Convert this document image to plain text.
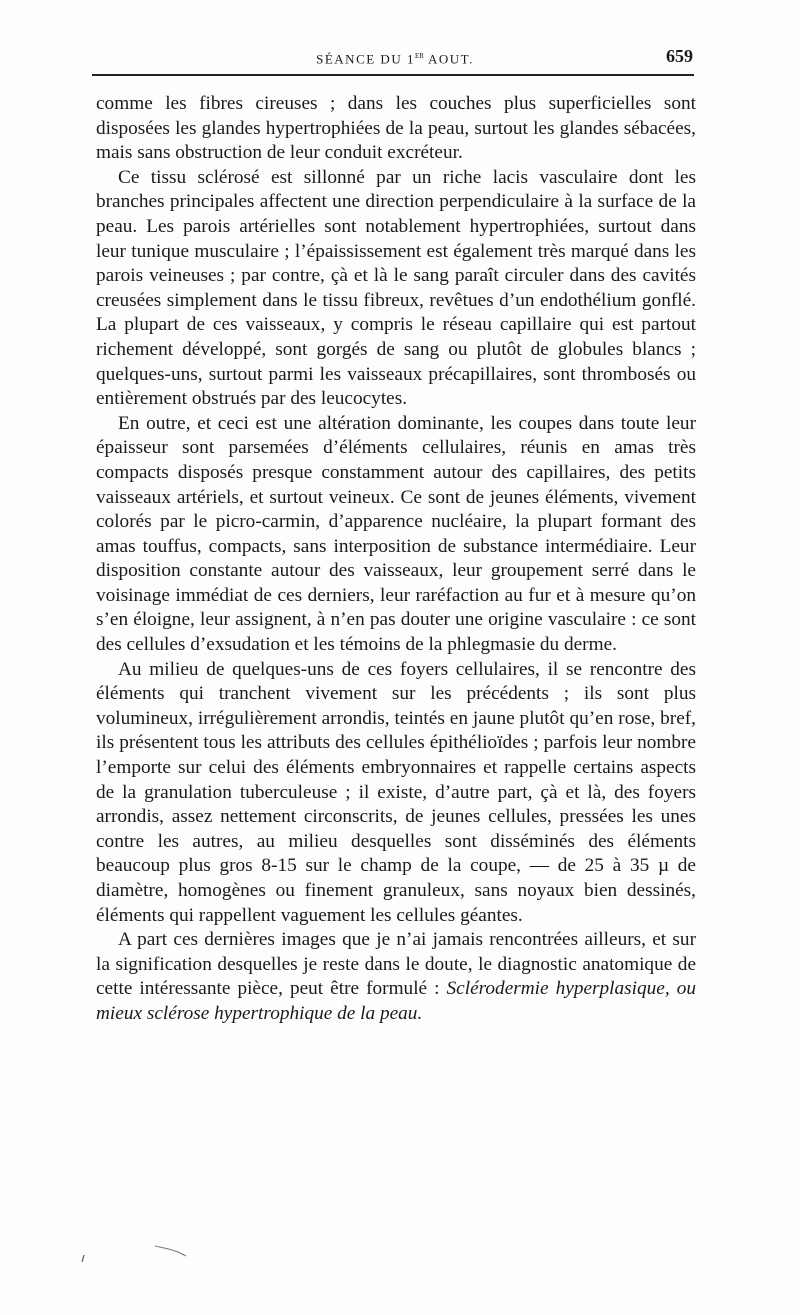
SÉANCE DU 1er AOUT.	659

comme les fibres cireuses ; dans les couches plus superficielles sont disposées les glandes hypertrophiées de la peau, surtout les glandes sébacées, mais sans obstruction de leur conduit excréteur.

Ce tissu sclérosé est sillonné par un riche lacis vasculaire dont les branches principales affectent une direction perpendiculaire à la surface de la peau. Les parois artérielles sont notablement hypertrophiées, surtout dans leur tunique musculaire ; l’épaississement est également très marqué dans les parois veineuses ; par contre, çà et là le sang paraît circuler dans des cavités creusées simplement dans le tissu fibreux, revêtues d’un endothélium gonflé. La plupart de ces vaisseaux, y compris le réseau capillaire qui est partout richement développé, sont gorgés de sang ou plutôt de globules blancs ; quelques-uns, surtout parmi les vaisseaux précapillaires, sont thrombosés ou entièrement obstrués par des leucocytes.

En outre, et ceci est une altération dominante, les coupes dans toute leur épaisseur sont parsemées d’éléments cellulaires, réunis en amas très compacts disposés presque constamment autour des capillaires, des petits vaisseaux artériels, et surtout veineux. Ce sont de jeunes éléments, vivement colorés par le picro-carmin, d’apparence nucléaire, la plupart formant des amas touffus, compacts, sans interposition de substance intermédiaire. Leur disposition constante autour des vaisseaux, leur groupement serré dans le voisinage immédiat de ces derniers, leur raréfaction au fur et à mesure qu’on s’en éloigne, leur assignent, à n’en pas douter une origine vasculaire : ce sont des cellules d’exsudation et les témoins de la phlegmasie du derme.

Au milieu de quelques-uns de ces foyers cellulaires, il se rencontre des éléments qui tranchent vivement sur les précédents ; ils sont plus volumineux, irrégulièrement arrondis, teintés en jaune plutôt qu’en rose, bref, ils présentent tous les attributs des cellules épithélioïdes ; parfois leur nombre l’emporte sur celui des éléments embryonnaires et rappelle certains aspects de la granulation tuberculeuse ; il existe, d’autre part, çà et là, des foyers arrondis, assez nettement circonscrits, de jeunes cellules, pressées les unes contre les autres, au milieu desquelles sont disséminés des éléments beaucoup plus gros 8-15 sur le champ de la coupe, — de 25 à 35 µ de diamètre, homogènes ou finement granuleux, sans noyaux bien dessinés, éléments qui rappellent vaguement les cellules géantes.

A part ces dernières images que je n’ai jamais rencontrées ailleurs, et sur la signification desquelles je reste dans le doute, le diagnostic anatomique de cette intéressante pièce, peut être formulé : Sclérodermie hyperplasique, ou mieux sclérose hypertrophique de la peau.
